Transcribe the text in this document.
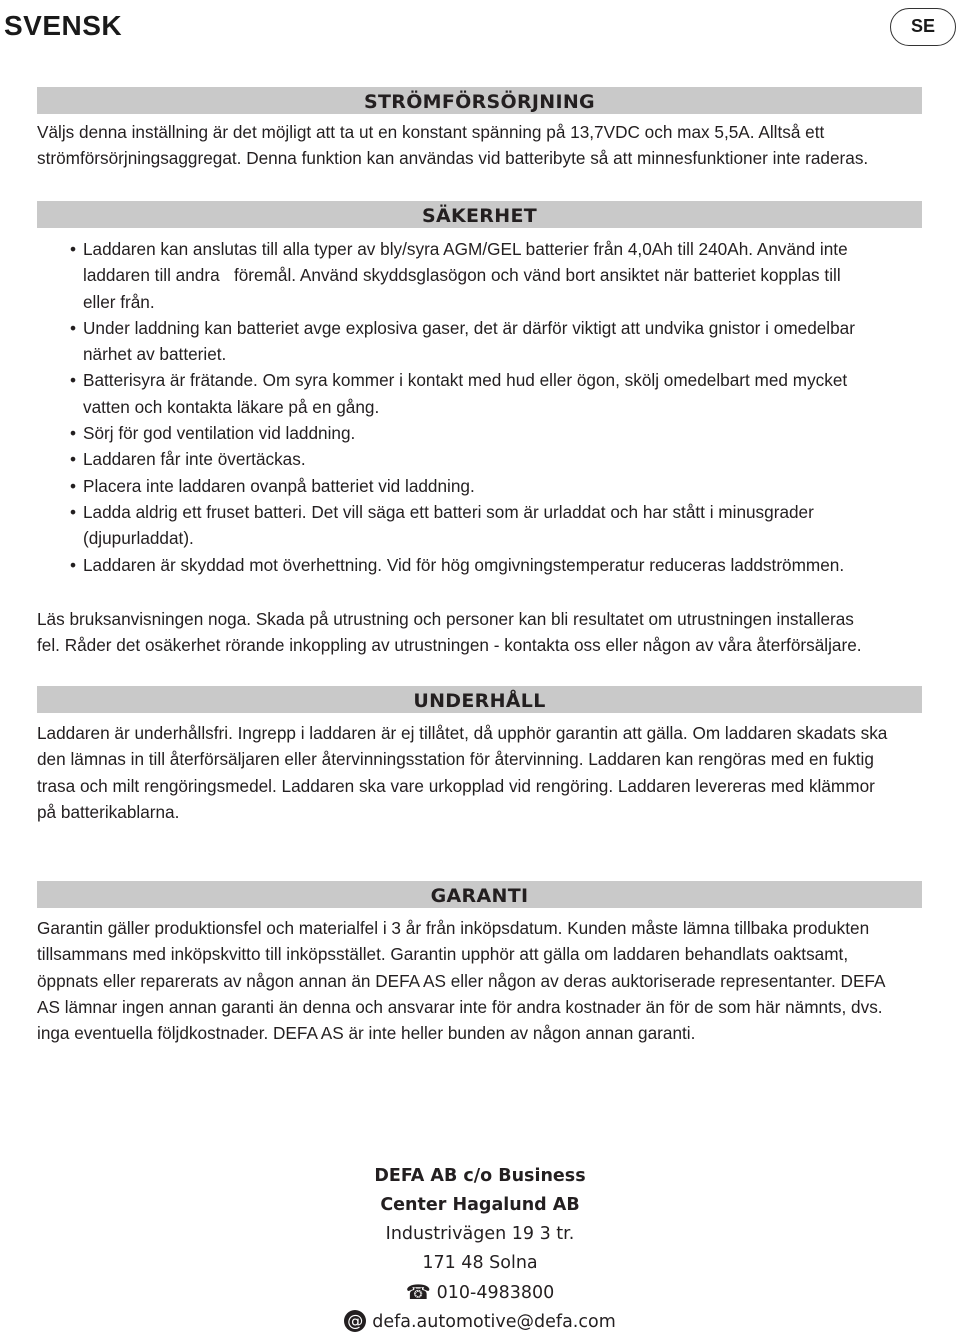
SVENSK	SE
STRÖMFÖRSÖRJNING

Väljs denna inställning är det möjligt att ta ut en konstant spänning på 13,7VDC och max 5,5A. Alltså ett

strömförsörjningsaggregat. Denna funktion kan användas vid batteribyte så att minnesfunktioner inte raderas.

SÄKERHET
• Laddaren kan anslutas till alla typer av bly/syra AGM/GEL batterier från 4,0Ah till 240Ah. Använd inte
laddaren till andra   föremål. Använd skyddsglasögon och vänd bort ansiktet när batteriet kopplas till
eller från.
• Under laddning kan batteriet avge explosiva gaser, det är därför viktigt att undvika gnistor i omedelbar
närhet av batteriet.
• Batterisyra är frätande. Om syra kommer i kontakt med hud eller ögon, skölj omedelbart med mycket
vatten och kontakta läkare på en gång.
• Sörj för god ventilation vid laddning.
• Laddaren får inte övertäckas.
• Placera inte laddaren ovanpå batteriet vid laddning.
• Ladda aldrig ett fruset batteri. Det vill säga ett batteri som är urladdat och har stått i minusgrader
(djupurladdat).
• Laddaren är skyddad mot överhettning. Vid för hög omgivningstemperatur reduceras laddströmmen.

Läs bruksanvisningen noga. Skada på utrustning och personer kan bli resultatet om utrustningen installeras

fel. Råder det osäkerhet rörande inkoppling av utrustningen - kontakta oss eller någon av våra återförsäljare.

UNDERHÅLL

Laddaren är underhållsfri. Ingrepp i laddaren är ej tillåtet, då upphör garantin att gälla. Om laddaren skadats ska

den lämnas in till återförsäljaren eller återvinningsstation för återvinning. Laddaren kan rengöras med en fuktig

trasa och milt rengöringsmedel. Laddaren ska vare urkopplad vid rengöring. Laddaren levereras med klämmor

på batterikablarna.

GARANTI

Garantin gäller produktionsfel och materialfel i 3 år från inköpsdatum. Kunden måste lämna tillbaka produkten

tillsammans med inköpskvitto till inköpsstället. Garantin upphör att gälla om laddaren behandlats oaktsamt,

öppnats eller reparerats av någon annan än DEFA AS eller någon av deras auktoriserade representanter. DEFA

AS lämnar ingen annan garanti än denna och ansvarar inte för andra kostnader än för de som här nämnts, dvs.

inga eventuella följdkostnader. DEFA AS är inte heller bunden av någon annan garanti.

DEFA AB c/o Business
Center Hagalund AB
Industrivägen 19 3 tr.
171 48 Solna
☎ 010-4983800
@ defa.automotive@defa.com
